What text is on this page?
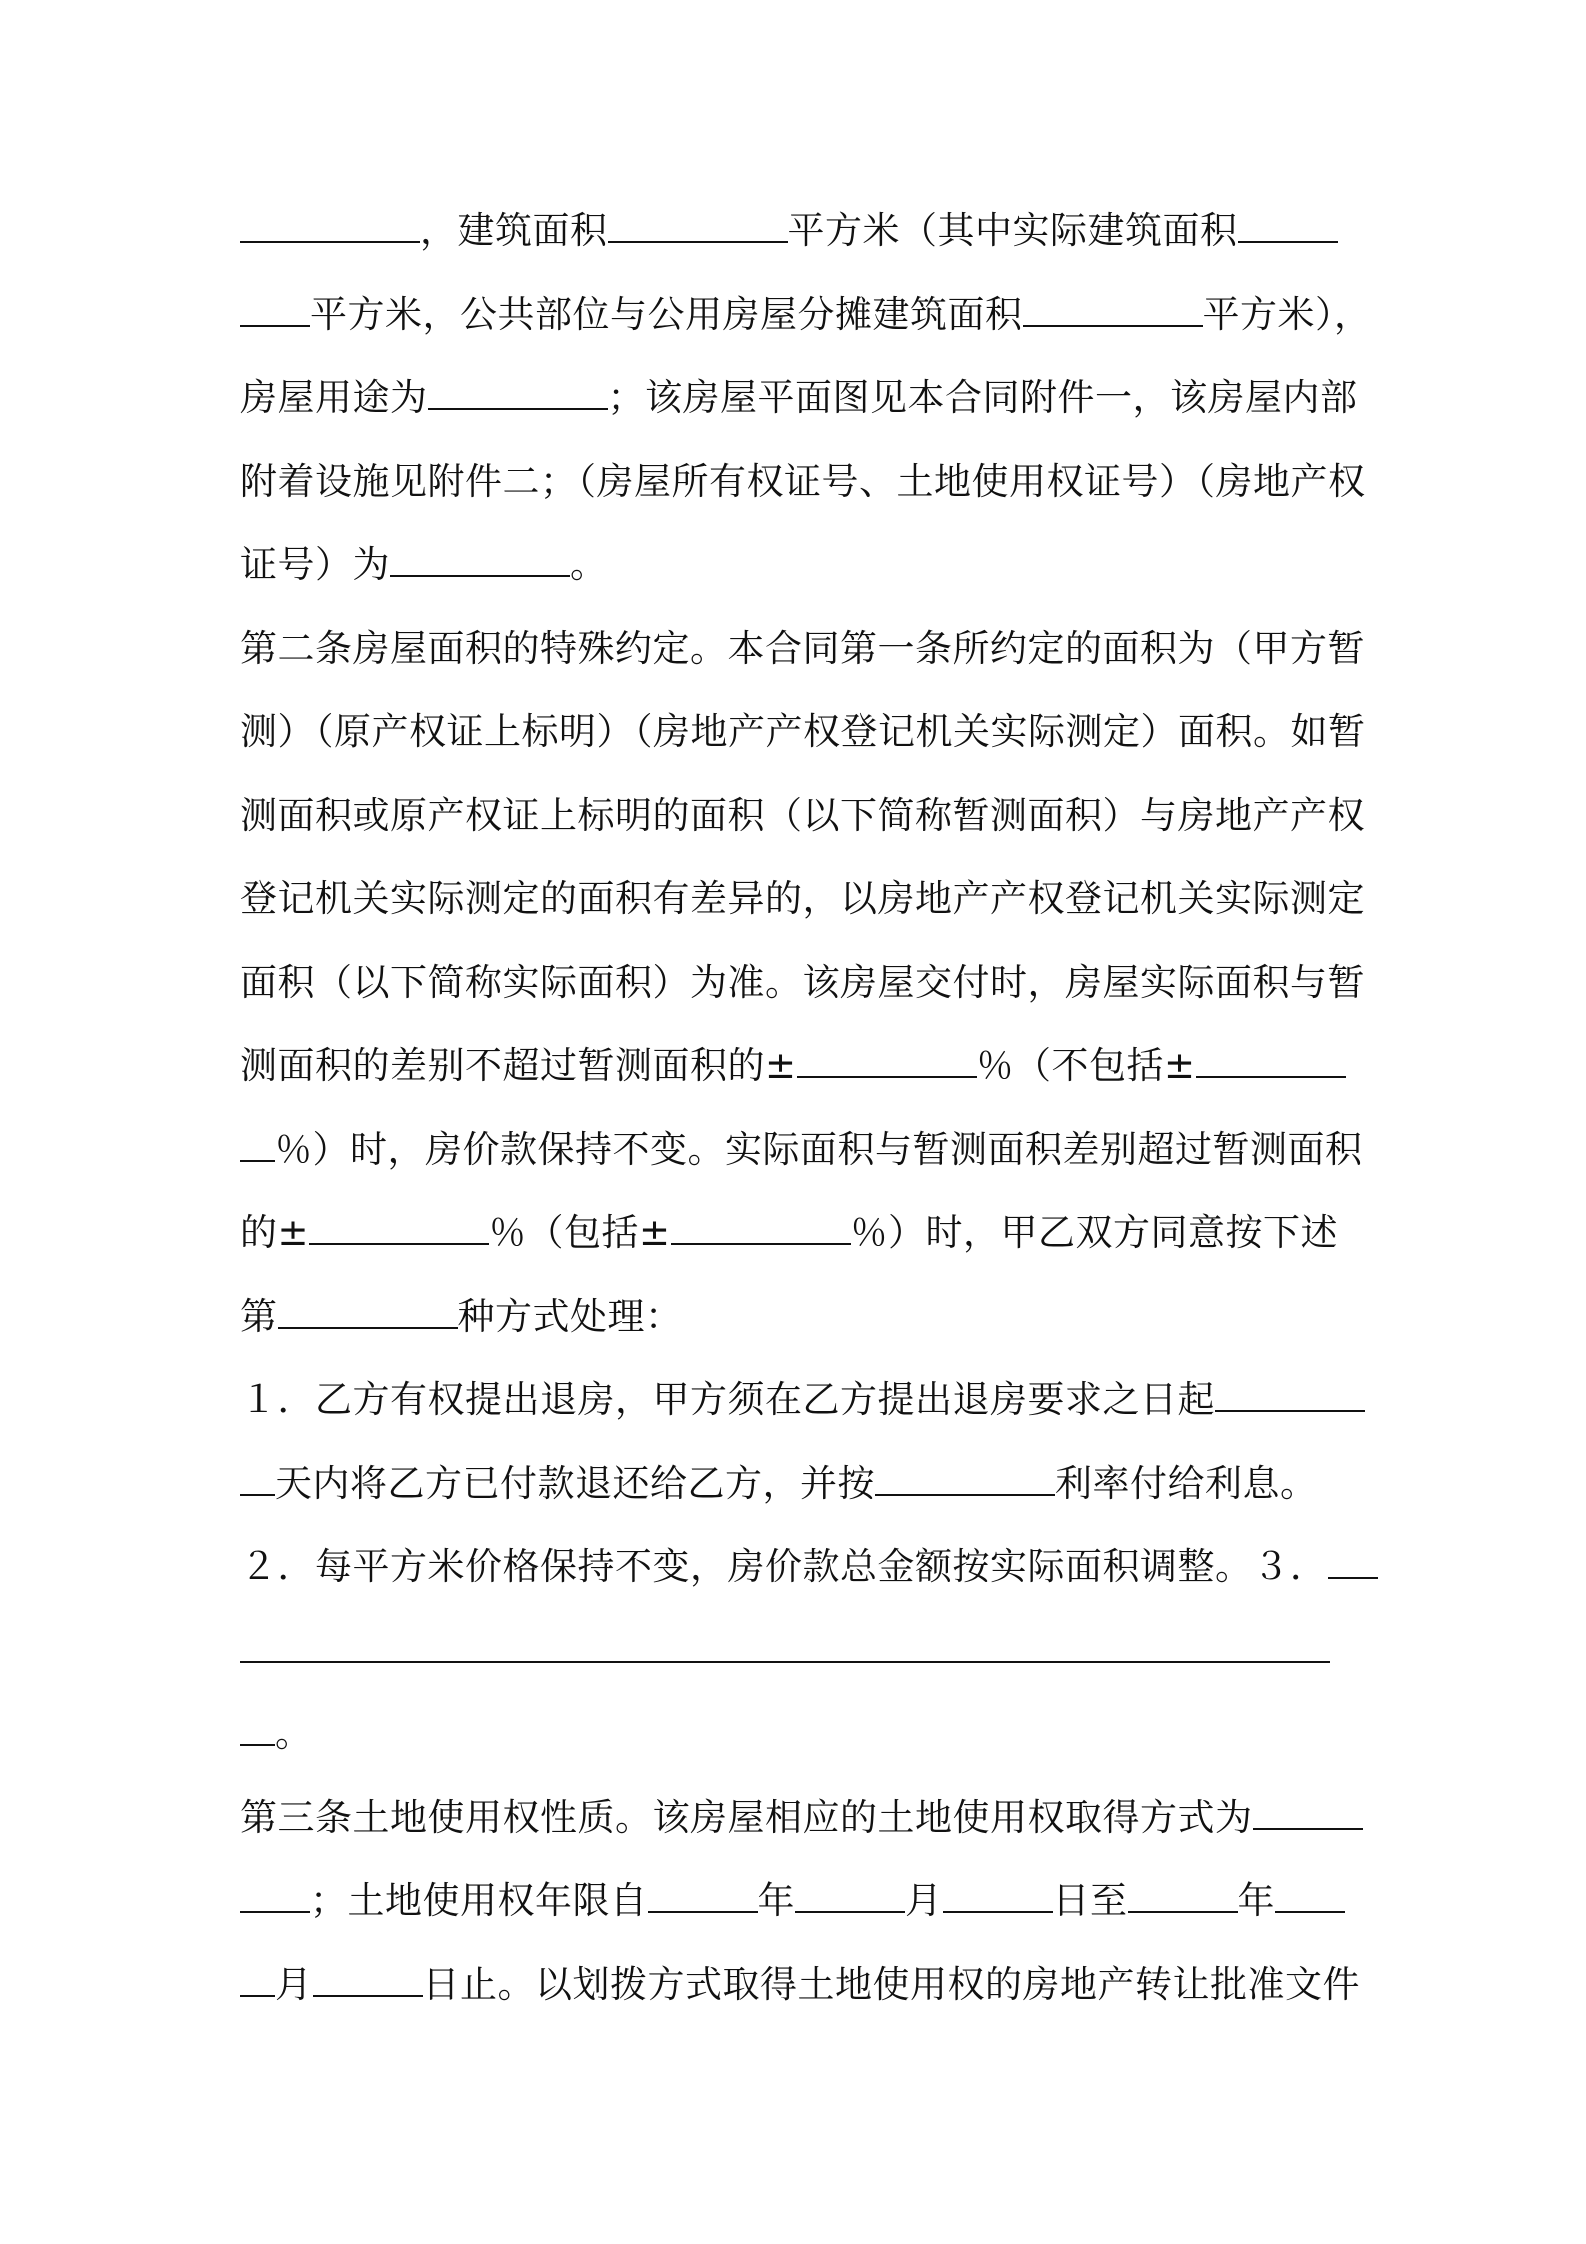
，建筑面积	平方米（其中实际建筑面积
平方米，公共部位与公用房屋分摊建筑面积	平方米），
房屋用途为	；该房屋平面图见本合同附件一，该房屋内部
附着设施见附件二；（房屋所有权证号、土地使用权证号）（房地产权
证号）为	。
第二条房屋面积的特殊约定。本合同第一条所约定的面积为（甲方暂
测）（原产权证上标明）（房地产产权登记机关实际测定）面积。如暂
测面积或原产权证上标明的面积（以下简称暂测面积）与房地产产权
登记机关实际测定的面积有差异的，以房地产产权登记机关实际测定
面积（以下简称实际面积）为准。该房屋交付时，房屋实际面积与暂
测面积的差别不超过暂测面积的±	％（不包括±
％）时，房价款保持不变。实际面积与暂测面积差别超过暂测面积
的±	％（包括±	％）时，甲乙双方同意按下述
第	种方式处理：
１．乙方有权提出退房，甲方须在乙方提出退房要求之日起
天内将乙方已付款退还给乙方，并按	利率付给利息。
２．每平方米价格保持不变，房价款总金额按实际面积调整。３．
。
第三条土地使用权性质。该房屋相应的土地使用权取得方式为
；土地使用权年限自	年	月	日至	年
月	日止。以划拨方式取得土地使用权的房地产转让批准文件
